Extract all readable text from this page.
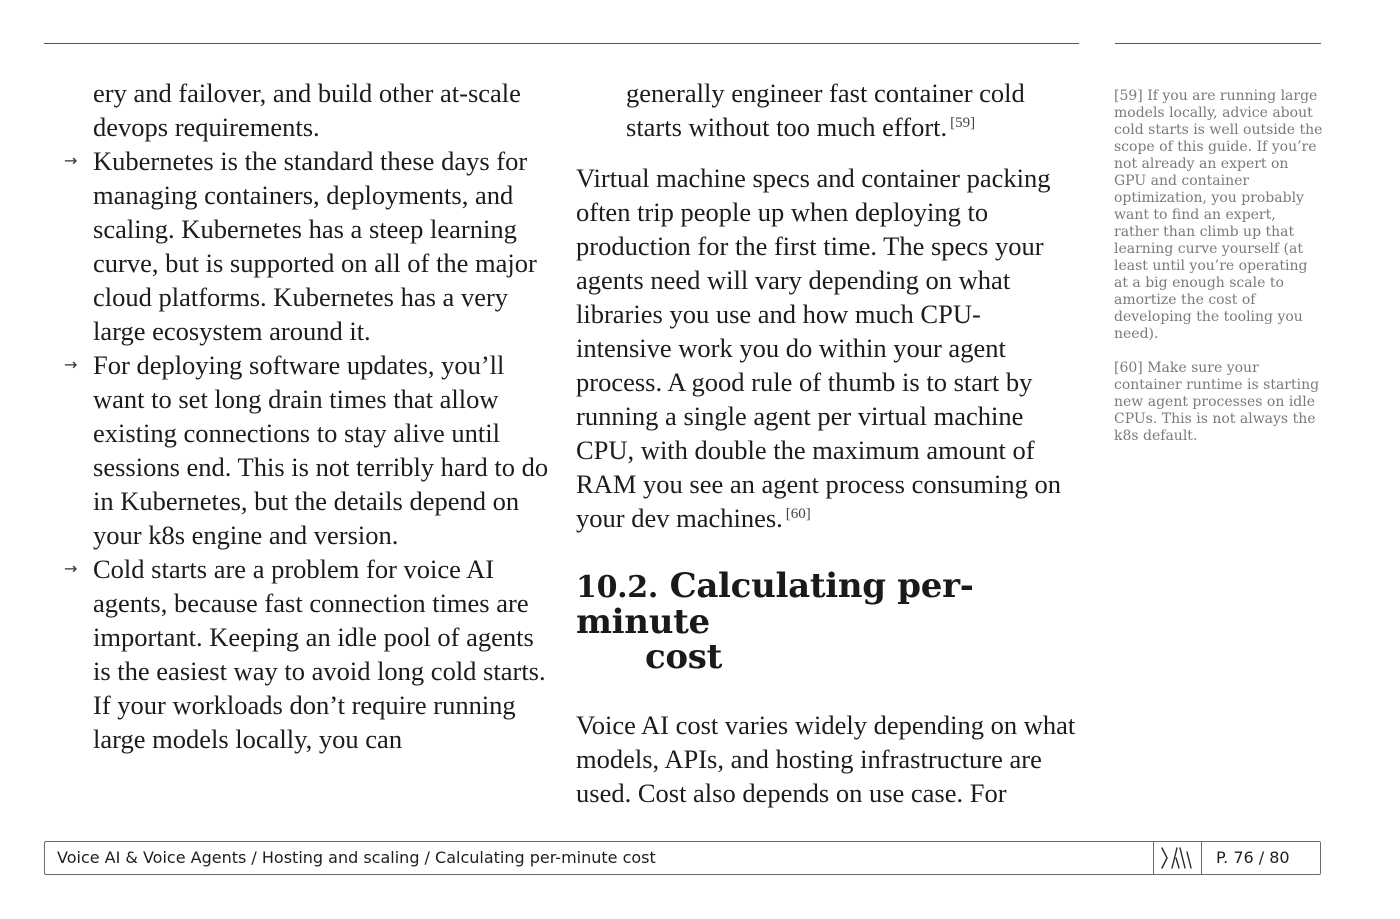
ery and failover, and build other at-scale devops requirements.

→ Kubernetes is the standard these days for managing containers, deployments, and scaling. Kubernetes has a steep learning curve, but is supported on all of the major cloud platforms. Kubernetes has a very large ecosystem around it.
→ For deploying software updates, you’ll want to set long drain times that allow existing connections to stay alive until sessions end. This is not terribly hard to do in Kubernetes, but the details depend on your k8s engine and version.
→ Cold starts are a problem for voice AI agents, because fast connection times are important. Keeping an idle pool of agents is the easiest way to avoid long cold starts. If your workloads don’t require running large models locally, you can

generally engineer fast container cold starts without too much effort. [59]

Virtual machine specs and container packing often trip people up when deploying to production for the first time. The specs your agents need will vary depending on what libraries you use and how much CPU-intensive work you do within your agent process. A good rule of thumb is to start by running a single agent per virtual machine CPU, with double the maximum amount of RAM you see an agent process consuming on your dev machines. [60]

10.2. Calculating per-minute
cost

Voice AI cost varies widely depending on what models, APIs, and hosting infrastructure are used. Cost also depends on use case. For

[59] If you are running large models locally, advice about cold starts is well outside the scope of this guide. If you’re not already an expert on GPU and container optimization, you probably want to find an expert, rather than climb up that learning curve yourself (at least until you’re operating at a big enough scale to amortize the cost of developing the tooling you need).

[60] Make sure your container runtime is starting new agent processes on idle CPUs. This is not always the k8s default.

Voice AI & Voice Agents / Hosting and scaling / Calculating per-minute cost	P. 76 / 80
